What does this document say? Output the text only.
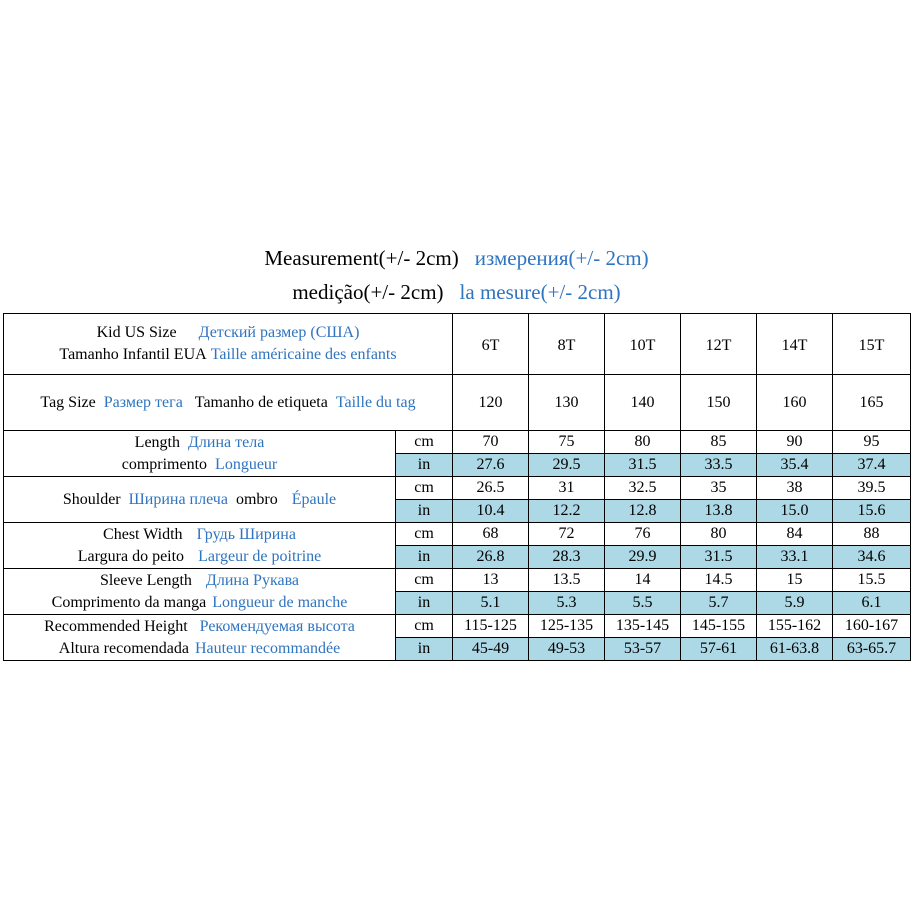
Measurement(+/- 2cm) измерения(+/- 2cm)
medição(+/- 2cm) la mesure(+/- 2cm)
Kid US Size Детский размер (США)
Tamanho Infantil EUA Taille américaine des enfants		6T	8T	10T	12T	14T	15T
Tag Size Размер тега Tamanho de etiqueta Taille du tag		120	130	140	150	160	165

Length Длина тела
comprimento Longueur	cm	70	75	80	85	90	95
	in	27.6	29.5	31.5	33.5	35.4	37.4
Shoulder Ширина плеча ombro Épaule	cm	26.5	31	32.5	35	38	39.5
	in	10.4	12.2	12.8	13.8	15.0	15.6

Chest Width Грудь Ширина
Largura do peito Largeur de poitrine	cm	68	72	76	80	84	88
	in	26.8	28.3	29.9	31.5	33.1	34.6

Sleeve Length Длина Рукава
Comprimento da manga Longueur de manche	cm	13	13.5	14	14.5	15	15.5
	in	5.1	5.3	5.5	5.7	5.9	6.1

Recommended Height Рекомендуемая высота
Altura recomendada Hauteur recommandée	cm	115-125	125-135	135-145	145-155	155-162	160-167
	in	45-49	49-53	53-57	57-61	61-63.8	63-65.7
